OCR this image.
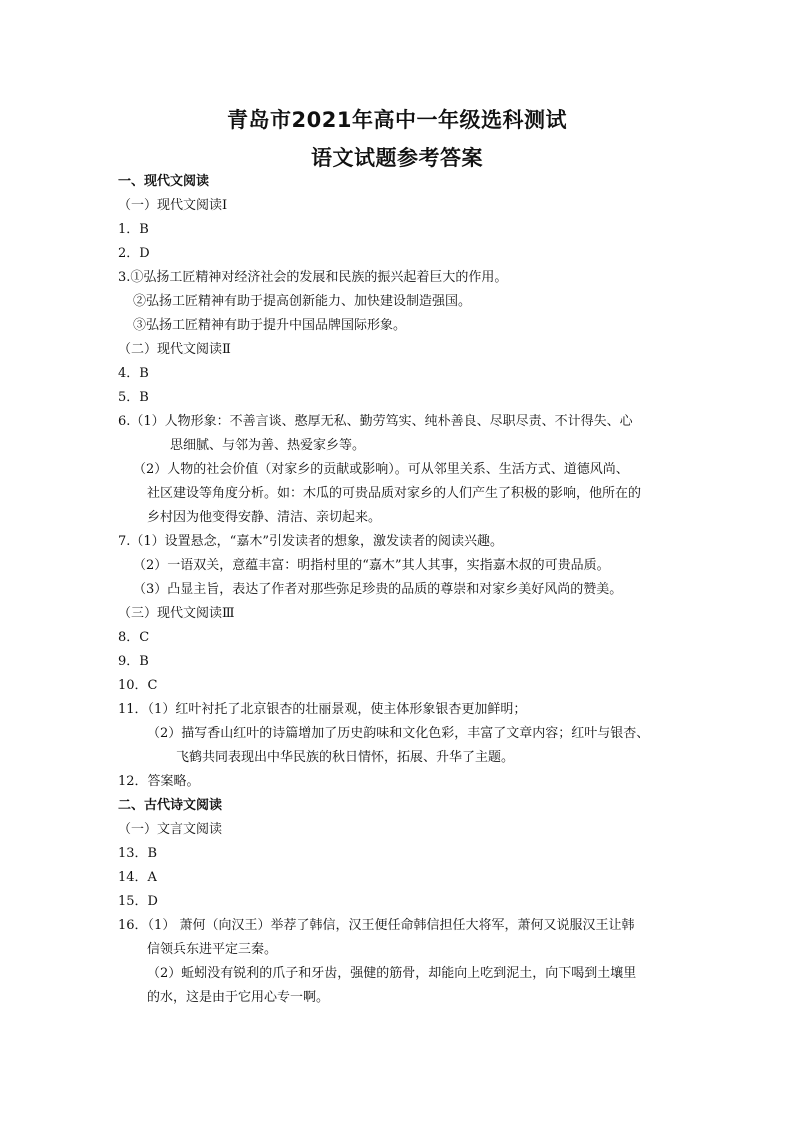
青岛市2021年高中一年级选科测试
语文试题参考答案
一、现代文阅读
（一）现代文阅读Ⅰ
1．B
2．D
3.①弘扬工匠精神对经济社会的发展和民族的振兴起着巨大的作用。
②弘扬工匠精神有助于提高创新能力、加快建设制造强国。
③弘扬工匠精神有助于提升中国品牌国际形象。
（二）现代文阅读Ⅱ
4．B
5．B
6.（1）人物形象：不善言谈、憨厚无私、勤劳笃实、纯朴善良、尽职尽责、不计得失、心
思细腻、与邻为善、热爱家乡等。
（2）人物的社会价值（对家乡的贡献或影响）。可从邻里关系、生活方式、道德风尚、
社区建设等角度分析。如：木瓜的可贵品质对家乡的人们产生了积极的影响，他所在的
乡村因为他变得安静、清洁、亲切起来。
7.（1）设置悬念，“嘉木”引发读者的想象，激发读者的阅读兴趣。
（2）一语双关，意蕴丰富：明指村里的“嘉木”其人其事，实指嘉木叔的可贵品质。
（3）凸显主旨，表达了作者对那些弥足珍贵的品质的尊崇和对家乡美好风尚的赞美。
（三）现代文阅读Ⅲ
8．C
9．B
10．C
11．（1）红叶衬托了北京银杏的壮丽景观，使主体形象银杏更加鲜明；
（2）描写香山红叶的诗篇增加了历史韵味和文化色彩，丰富了文章内容；红叶与银杏、
飞鹤共同表现出中华民族的秋日情怀，拓展、升华了主题。
12．答案略。
二、古代诗文阅读
（一）文言文阅读
13．B
14．A
15．D
16．（1） 萧何（向汉王）举荐了韩信，汉王便任命韩信担任大将军，萧何又说服汉王让韩
信领兵东进平定三秦。
（2）蚯蚓没有锐利的爪子和牙齿，强健的筋骨，却能向上吃到泥土，向下喝到土壤里
的水，这是由于它用心专一啊。
